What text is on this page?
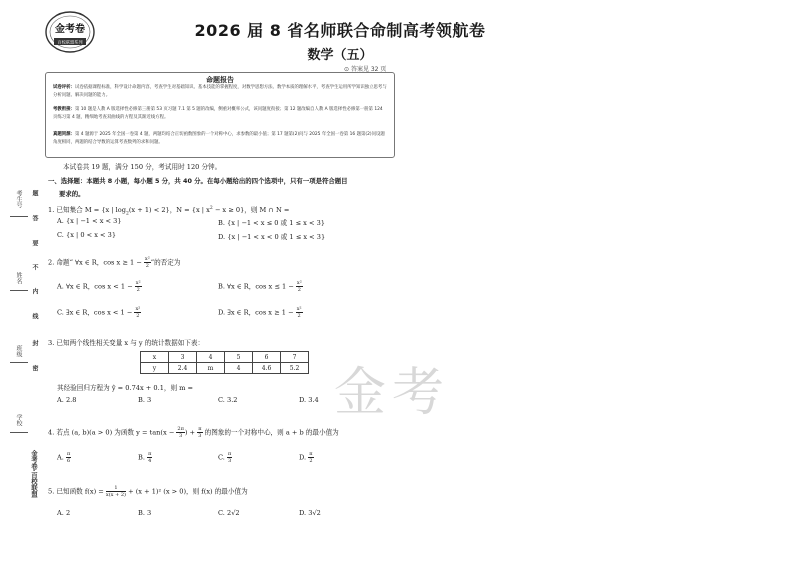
金考卷
百校联盟系列
2026 届 8 省名师联合命制高考领航卷
数学（五）
⊙ 答案见 32 页
命题报告
试卷评析：试卷依据课程标准，科学设计命题内容，考查学生对基础知识、基本技能的掌握程度，对数学思想方法、数学本质的理解水平，考查学生运用所学知识独立思考与分析问题、解决问题的能力。
考教衔接：第 10 题是人教 A 版选择性必修第三册第 53 页习题 7.1 第 5 题的改编，侧重对概率公式，该问题度衔接；第 12 题改编自人教 A 版选择性必修第一册第 124 页练习第 4 题，精细地考查双曲线的方程及其渐近线方程。
真题同源：第 4 题源于 2025 年全国一卷第 4 题，两题均结合正切函数图象的一个对称中心，求参数的最小值；第 17 题第(2)问与 2025 年全国一卷第 16 题第(2)问设题角度相同，两题的结合导数的运算考查数列的求和问题。
考生号
姓名
班级
学校
题
答
要
不
内
线
封
密
金考卷·百校联盟
本试卷共 19 题，满分 150 分，考试用时 120 分钟。
一、选择题：本题共 8 小题，每小题 5 分，共 40 分。在每小题给出的四个选项中，只有一项是符合题目
要求的。
1. 已知集合 M = {x | $\log_2(x + 1) < 2$}，N = {x | $x^2 - x \ge 0$}，则 M ∩ N =
A. {x | −1 < x < 3}	B. {x | −1 < x ≤ 0 或 1 ≤ x < 3}
C. {x | 0 < x < 3}	D. {x | −1 < x < 0 或 1 ≤ x < 3}
2. 命题“ ∀x ∈ R，$\cos x \ge 1 - \frac{\text{x²}}{2}$ ”的否定为
A. ∀x ∈ R，$\cos x < 1 - \frac{\text{x²}}{2}$	B. ∀x ∈ R，$\cos x \le 1 - \frac{\text{x²}}{2}$
C. ∃x ∈ R，$\cos x < 1 - \frac{\text{x²}}{2}$	D. ∃x ∈ R，$\cos x \ge 1 - \frac{\text{x²}}{2}$
3. 已知两个线性相关变量 x 与 y 的统计数据如下表：
x	3	4	5	6	7
y	2.4	m	4	4.6	5.2
其经验回归方程为 ŷ = 0.74x + 0.1，则 m =
A. 2.8	B. 3	C. 3.2	D. 3.4 金考
4. 若点 (a, b)(a > 0) 为函数 $y = \tan(x - \frac{2\pi}{3}$ ) + $\frac{\pi}{3}$ 的图象的一个对称中心，则 a + b 的最小值为
A. $\frac{\pi}{6}$	B. $\frac{\pi}{4}$	C. $\frac{\pi}{3}$	D. $\frac{\pi}{2}$
5. 已知函数 $f(x) = \frac{1}{x(x + 2)} + (x + 1)^2$ (x > 0)，则 f(x) 的最小值为
A. 2	B. 3	C. 2√2	D. 3√2
